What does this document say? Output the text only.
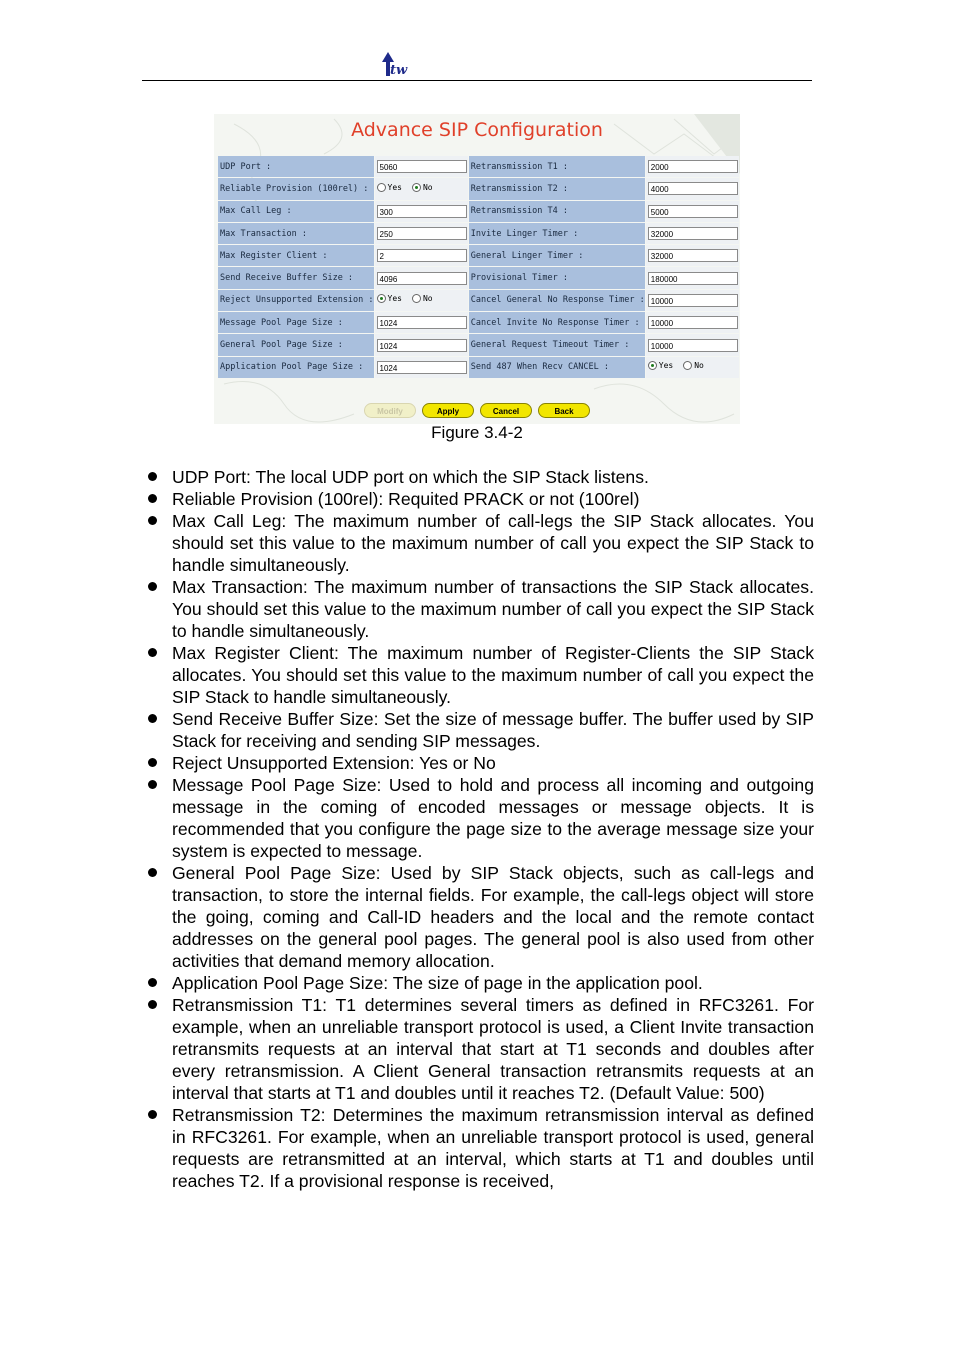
tw
Advance SIP Configuration
UDP Port :	5060	Retransmission T1 :	2000
Reliable Provision (100rel) :	Yes No	Retransmission T2 :	4000
Max Call Leg :	300	Retransmission T4 :	5000
Max Transaction :	250	Invite Linger Timer :	32000
Max Register Client :	2	General Linger Timer :	32000
Send Receive Buffer Size :	4096	Provisional Timer :	180000
Reject Unsupported Extension :	Yes No	Cancel General No Response Timer :	10000
Message Pool Page Size :	1024	Cancel Invite No Response Timer :	10000
General Pool Page Size :	1024	General Request Timeout Timer :	10000
Application Pool Page Size :	1024	Send 487 When Recv CANCEL :	Yes No
Modify	Apply	Cancel	Back
Figure 3.4-2
UDP Port: The local UDP port on which the SIP Stack listens.
Reliable Provision (100rel): Requited PRACK or not (100rel)
Max Call Leg: The maximum number of call-legs the SIP Stack allocates. You should set this value to the maximum number of call you expect the SIP Stack to handle simultaneously.
Max Transaction: The maximum number of transactions the SIP Stack allocates. You should set this value to the maximum number of call you expect the SIP Stack to handle simultaneously.
Max Register Client: The maximum number of Register-Clients the SIP Stack allocates. You should set this value to the maximum number of call you expect the SIP Stack to handle simultaneously.
Send Receive Buffer Size: Set the size of message buffer. The buffer used by SIP Stack for receiving and sending SIP messages.
Reject Unsupported Extension: Yes or No
Message Pool Page Size: Used to hold and process all incoming and outgoing message in the coming of encoded messages or message objects. It is recommended that you configure the page size to the average message size your system is expected to message.
General Pool Page Size: Used by SIP Stack objects, such as call-legs and transaction, to store the internal fields. For example, the call-legs object will store the going, coming and Call-ID headers and the local and the remote contact addresses on the general pool pages. The general pool is also used from other activities that demand memory allocation.
Application Pool Page Size: The size of page in the application pool.
Retransmission T1: T1 determines several timers as defined in RFC3261. For example, when an unreliable transport protocol is used, a Client Invite transaction retransmits requests at an interval that start at T1 seconds and doubles after every retransmission. A Client General transaction retransmits requests at an interval that starts at T1 and doubles until it reaches T2. (Default Value: 500)
Retransmission T2: Determines the maximum retransmission interval as defined in RFC3261. For example, when an unreliable transport protocol is used, general requests are retransmitted at an interval, which starts at T1 and doubles until reaches T2. If a provisional response is received,
